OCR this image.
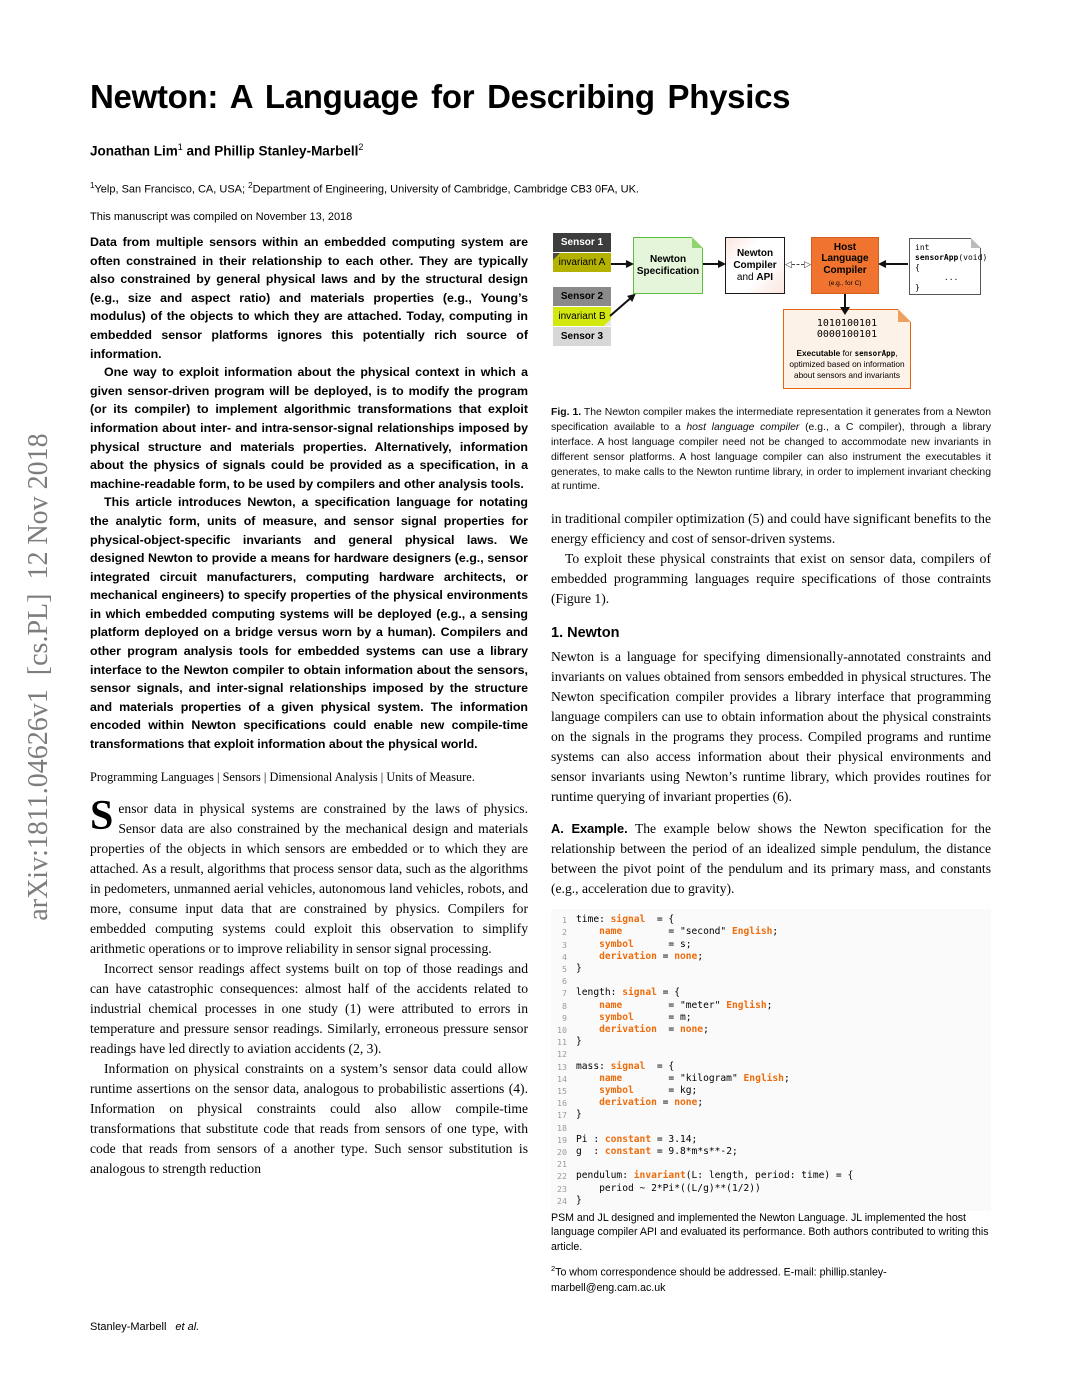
arXiv:1811.04626v1  [cs.PL]  12 Nov 2018
Newton: A Language for Describing Physics
Jonathan Lim$^1$ and Phillip Stanley-Marbell$^2$
$^1$Yelp, San Francisco, CA, USA; $^2$Department of Engineering, University of Cambridge, Cambridge CB3 0FA, UK.
This manuscript was compiled on November 13, 2018

Data from multiple sensors within an embedded computing system are often constrained in their relationship to each other. They are typically also constrained by general physical laws and by the structural design (e.g., size and aspect ratio) and materials properties (e.g., Young’s modulus) of the objects to which they are attached. Today, computing in embedded sensor platforms ignores this potentially rich source of information.

One way to exploit information about the physical context in which a given sensor-driven program will be deployed, is to modify the program (or its compiler) to implement algorithmic transformations that exploit information about inter- and intra-sensor-signal relationships imposed by physical structure and materials properties. Alternatively, information about the physics of signals could be provided as a specification, in a machine-readable form, to be used by compilers and other analysis tools.

This article introduces Newton, a specification language for notating the analytic form, units of measure, and sensor signal properties for physical-object-specific invariants and general physical laws. We designed Newton to provide a means for hardware designers (e.g., sensor integrated circuit manufacturers, computing hardware architects, or mechanical engineers) to specify properties of the physical environments in which embedded computing systems will be deployed (e.g., a sensing platform deployed on a bridge versus worn by a human). Compilers and other program analysis tools for embedded systems can use a library interface to the Newton compiler to obtain information about the sensors, sensor signals, and inter-signal relationships imposed by the structure and materials properties of a given physical system. The information encoded within Newton specifications could enable new compile-time transformations that exploit information about the physical world.

Programming Languages | Sensors | Dimensional Analysis | Units of Measure.

Sensor data in physical systems are constrained by the laws of physics. Sensor data are also constrained by the mechanical design and materials properties of the objects in which sensors are embedded or to which they are attached. As a result, algorithms that process sensor data, such as the algorithms in pedometers, unmanned aerial vehicles, autonomous land vehicles, robots, and more, consume input data that are constrained by physics. Compilers for embedded computing systems could exploit this observation to simplify arithmetic operations or to improve reliability in sensor signal processing.

Incorrect sensor readings affect systems built on top of those readings and can have catastrophic consequences: almost half of the accidents related to industrial chemical processes in one study (1) were attributed to errors in temperature and pressure sensor readings. Similarly, erroneous pressure sensor readings have led directly to aviation accidents (2, 3).

Information on physical constraints on a system’s sensor data could allow runtime assertions on the sensor data, analogous to probabilistic assertions (4). Information on physical constraints could also allow compile-time transformations that substitute code that reads from sensors of one type, with code that reads from sensors of a another type. Such sensor substitution is analogous to strength reduction

Sensor 1
invariant A
Sensor 2
invariant B
Sensor 3
Newton
Specification
Newton
Compiler
and API
Host
Language
Compiler
(e.g., for C)
int
sensorApp(void)
{
...
}
1010100101
0000100101
Executable for sensorApp, optimized based on information about sensors and invariants
◁ ▷
Fig. 1. The Newton compiler makes the intermediate representation it generates from a Newton specification available to a host language compiler (e.g., a C compiler), through a library interface. A host language compiler need not be changed to accommodate new invariants in different sensor platforms. A host language compiler can also instrument the executables it generates, to make calls to the Newton runtime library, in order to implement invariant checking at runtime.

in traditional compiler optimization (5) and could have significant benefits to the energy efficiency and cost of sensor-driven systems.

To exploit these physical constraints that exist on sensor data, compilers of embedded programming languages require specifications of those contraints (Figure 1).

1. Newton

Newton is a language for specifying dimensionally-annotated constraints and invariants on values obtained from sensors embedded in physical structures. The Newton specification compiler provides a library interface that programming language compilers can use to obtain information about the physical constraints on the signals in the programs they process. Compiled programs and runtime systems can also access information about their physical environments and sensor invariants using Newton’s runtime library, which provides routines for runtime querying of invariant properties (6).

A. Example. The example below shows the Newton specification for the relationship between the period of an idealized simple pendulum, the distance between the pivot point of the pendulum and its primary mass, and constants (e.g., acceleration due to gravity).

1 time: signal  = {
2	name        = "second" English;
3	symbol      = s;
4	derivation = none;
5 }
6

7 length: signal = {
8	name        = "meter" English;
9	symbol      = m;
10	derivation  = none;
11 }
12

13 mass: signal  = {
14	name        = "kilogram" English;
15	symbol      = kg;
16	derivation = none;
17 }
18

19 Pi : constant = 3.14;
20 g  : constant = 9.8*m*s**-2;
21

22 pendulum: invariant(L: length, period: time) = {
23 period ~ 2*Pi*((L/g)**(1/2))
24 }
PSM and JL designed and implemented the Newton Language. JL implemented the host language compiler API and evaluated its performance. Both authors contributed to writing this article.
$^2$To whom correspondence should be addressed. E-mail: phillip.stanley-marbell@eng.cam.ac.uk
Stanley-Marbell et al.
